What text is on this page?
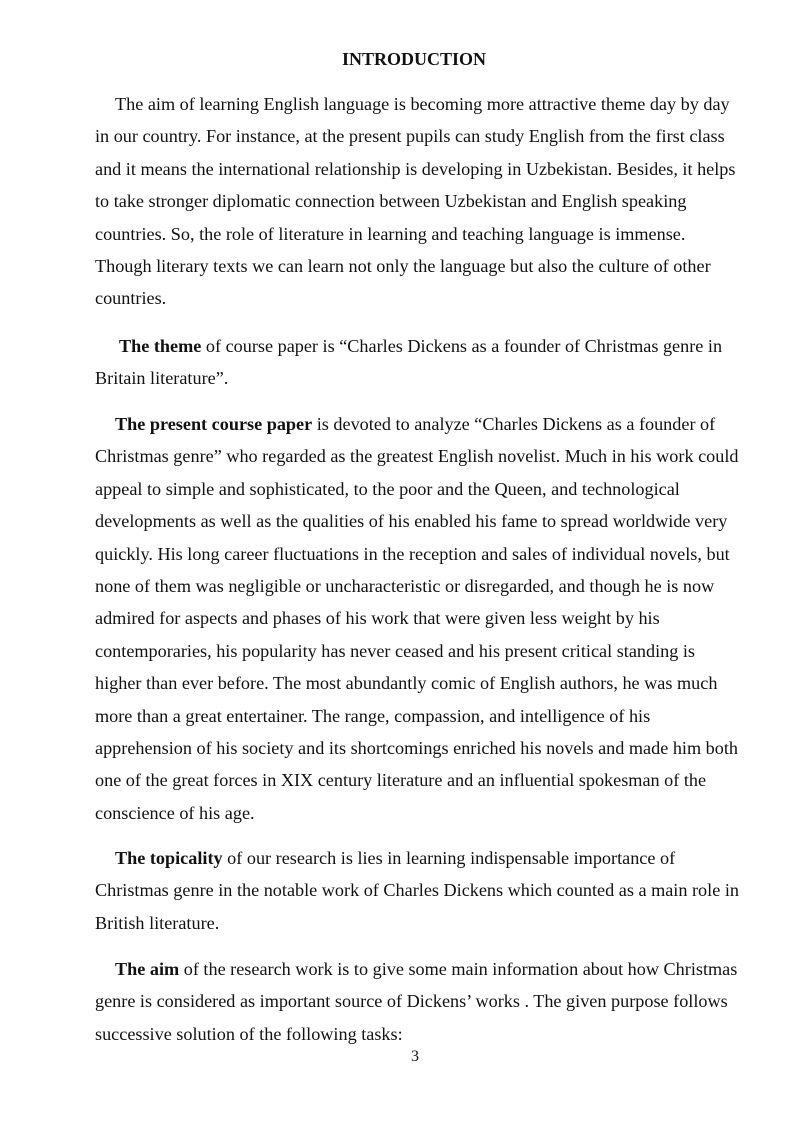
INTRODUCTION

The aim of learning English language is becoming more attractive theme day by day in our country. For instance, at the present pupils can study English from the first class and it means the international relationship is developing in Uzbekistan. Besides, it helps to take stronger diplomatic connection between Uzbekistan and English speaking countries. So, the role of literature in learning and teaching language is immense. Though literary texts we can learn not only the language but also the culture of other countries.

The theme of course paper is “Charles Dickens as a founder of Christmas genre in Britain literature”.

The present course paper is devoted to analyze “Charles Dickens as a founder of Christmas genre” who regarded as the greatest English novelist. Much in his work could appeal to simple and sophisticated, to the poor and the Queen, and technological developments as well as the qualities of his enabled his fame to spread worldwide very quickly. His long career fluctuations in the reception and sales of individual novels, but none of them was negligible or uncharacteristic or disregarded, and though he is now admired for aspects and phases of his work that were given less weight by his contemporaries, his popularity has never ceased and his present critical standing is higher than ever before. The most abundantly comic of English authors, he was much more than a great entertainer. The range, compassion, and intelligence of his apprehension of his society and its shortcomings enriched his novels and made him both one of the great forces in XIX century literature and an influential spokesman of the conscience of his age.

The topicality of our research is lies in learning indispensable importance of Christmas genre in the notable work of Charles Dickens which counted as a main role in British literature.

The aim of the research work is to give some main information about how Christmas genre is considered as important source of Dickens’ works . The given purpose follows successive solution of the following tasks:

3
